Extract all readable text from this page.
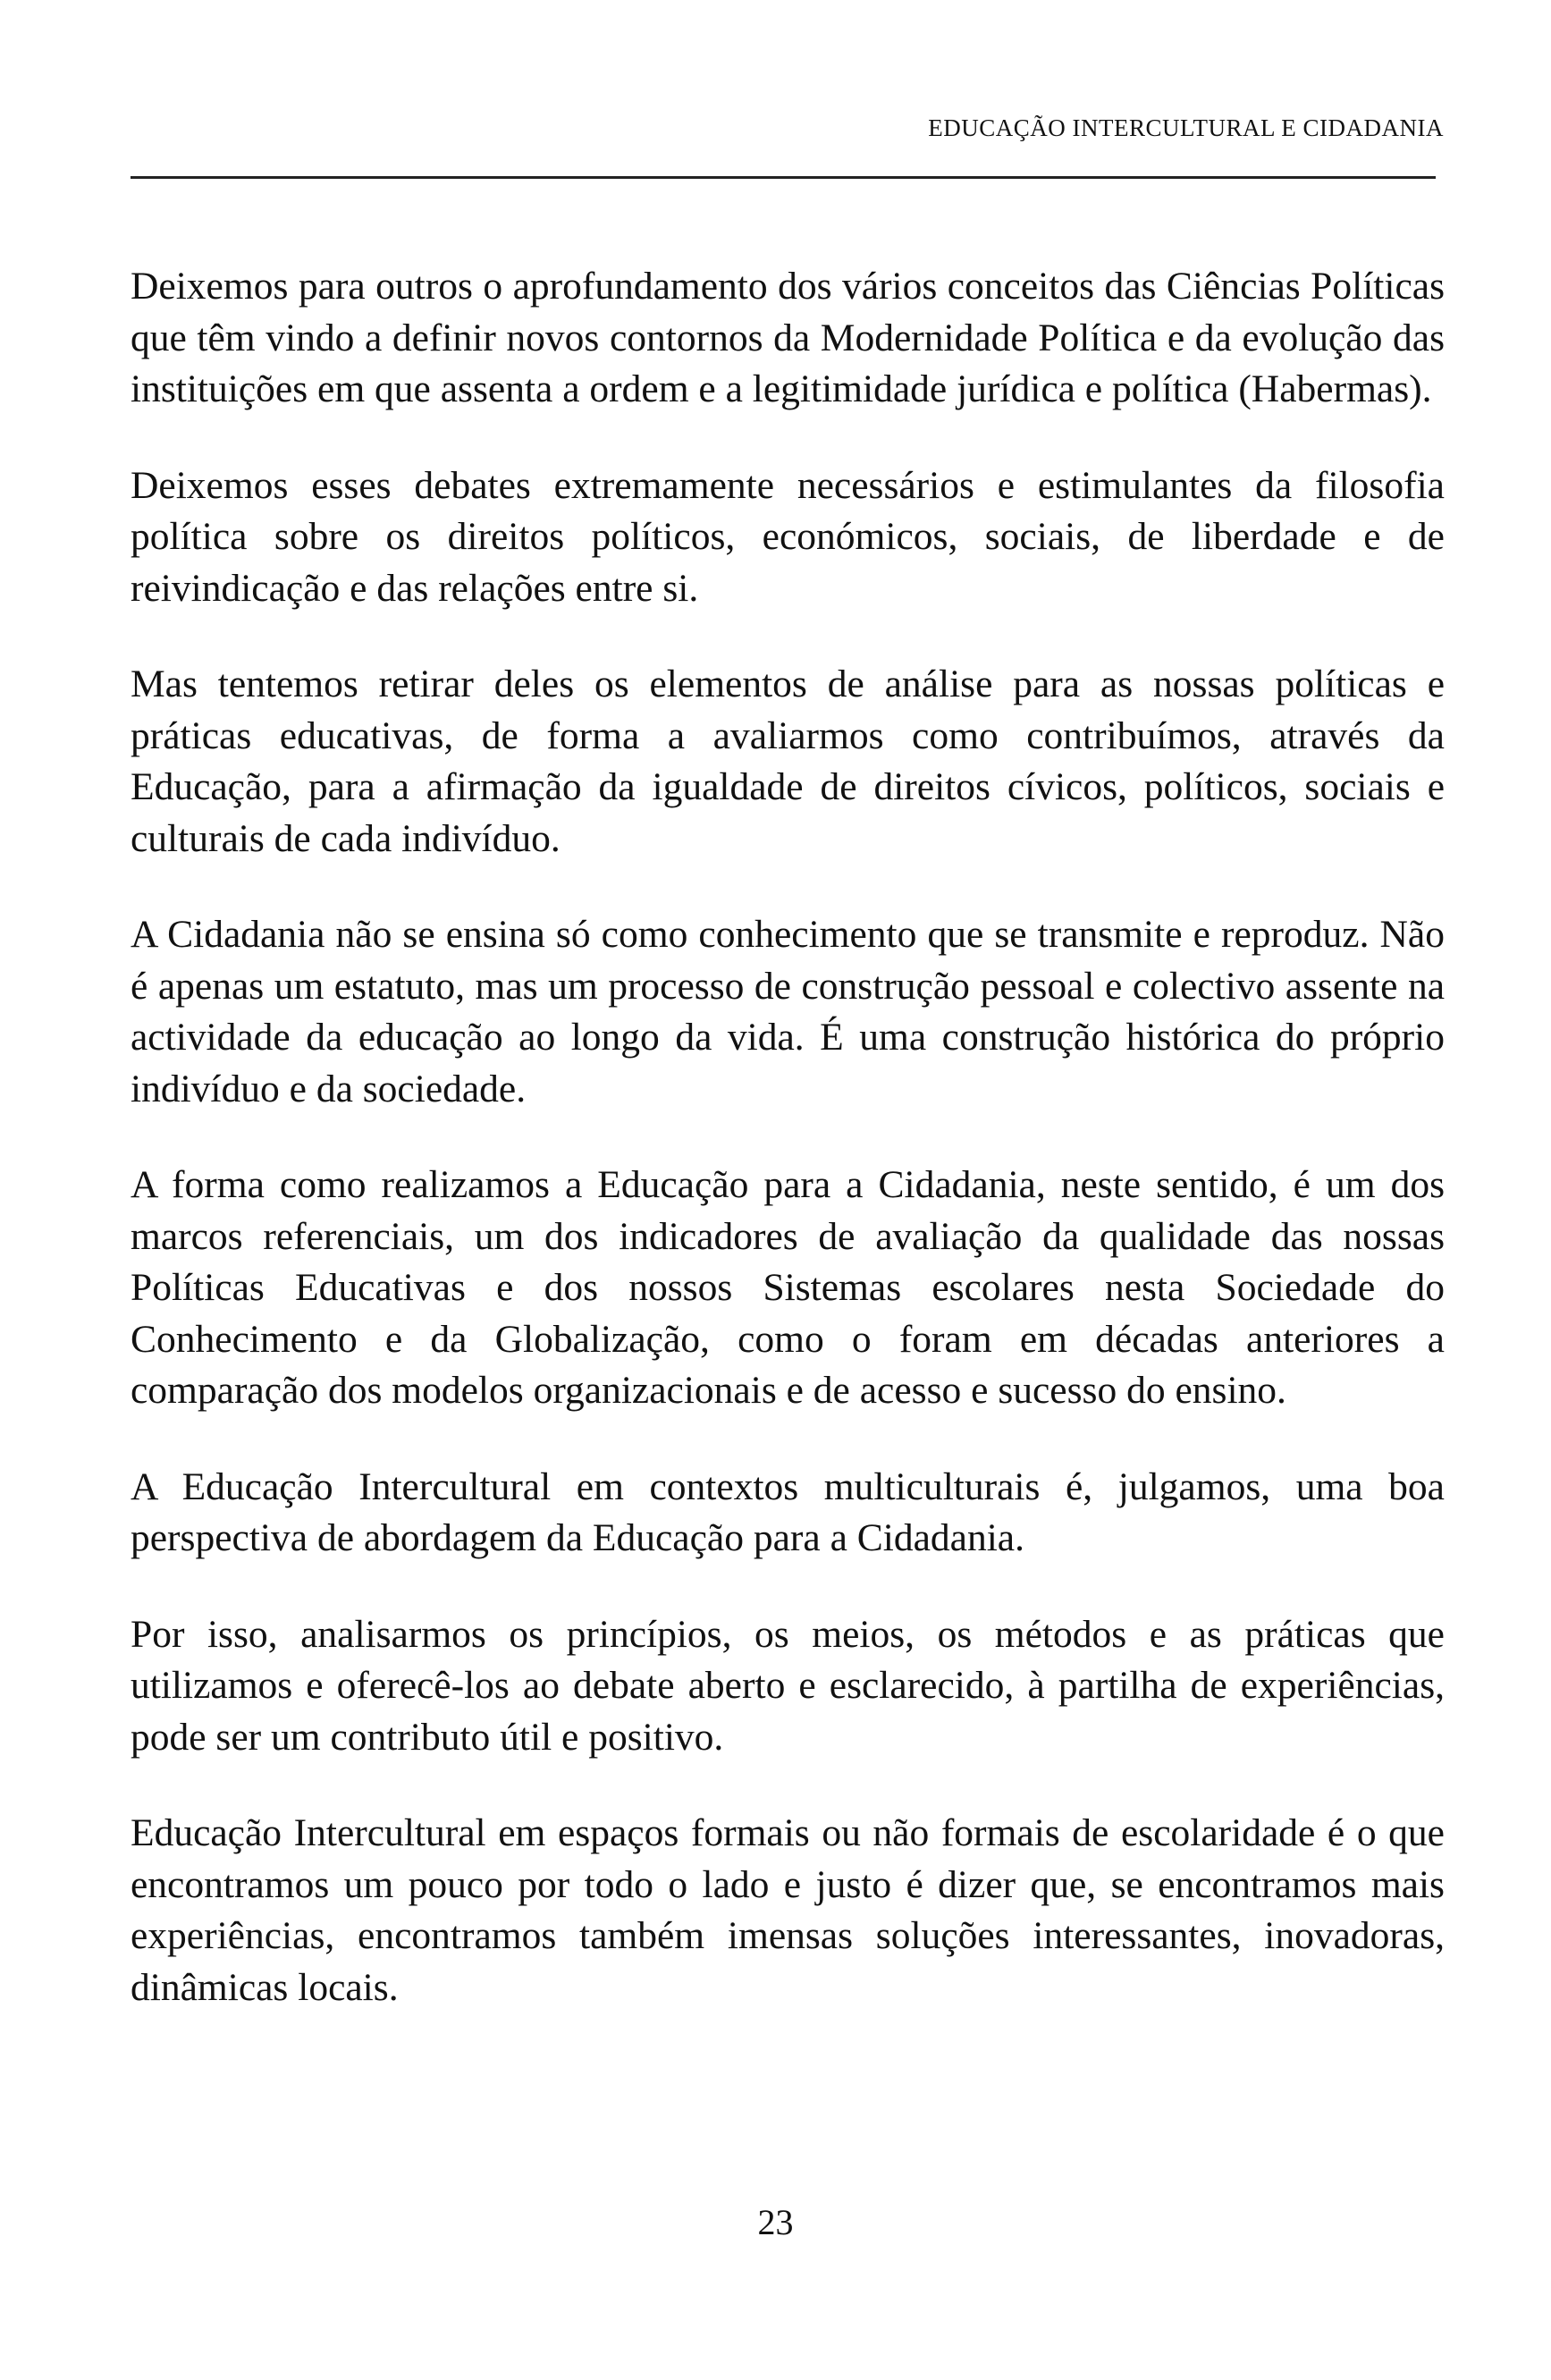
EDUCAÇÃO INTERCULTURAL E CIDADANIA

Deixemos para outros o aprofundamento dos vários conceitos das Ciências Políticas que têm vindo a definir novos contornos da Modernidade Política e da evolução das instituições em que assenta a ordem e a legitimidade jurídica e política (Habermas).

Deixemos esses debates extremamente necessários e estimulantes da filosofia política sobre os direitos políticos, económicos, sociais, de liberdade e de reivindicação e das relações entre si.

Mas tentemos retirar deles os elementos de análise para as nossas políticas e práticas educativas, de forma a avaliarmos como contribuímos, através da Educação, para a afirmação da igualdade de direitos cívicos, políticos, sociais e culturais de cada indivíduo.

A Cidadania não se ensina só como conhecimento que se transmite e reproduz. Não é apenas um estatuto, mas um processo de construção pessoal e colectivo assente na actividade da educação ao longo da vida. É uma construção histórica do próprio indivíduo e da sociedade.

A forma como realizamos a Educação para a Cidadania, neste sentido, é um dos marcos referenciais, um dos indicadores de avaliação da qualidade das nossas Políticas Educativas e dos nossos Sistemas escolares nesta Sociedade do Conhecimento e da Globalização, como o foram em décadas anteriores a comparação dos modelos organizacionais e de acesso e sucesso do ensino.

A Educação Intercultural em contextos multiculturais é, julgamos, uma boa perspectiva de abordagem da Educação para a Cidadania.

Por isso, analisarmos os princípios, os meios, os métodos e as práticas que utilizamos e oferecê-los ao debate aberto e esclarecido, à partilha de experiências, pode ser um contributo útil e positivo.

Educação Intercultural em espaços formais ou não formais de escolaridade é o que encontramos um pouco por todo o lado e justo é dizer que, se encontramos mais experiências, encontramos também imensas soluções interessantes, inovadoras, dinâmicas locais.

23
